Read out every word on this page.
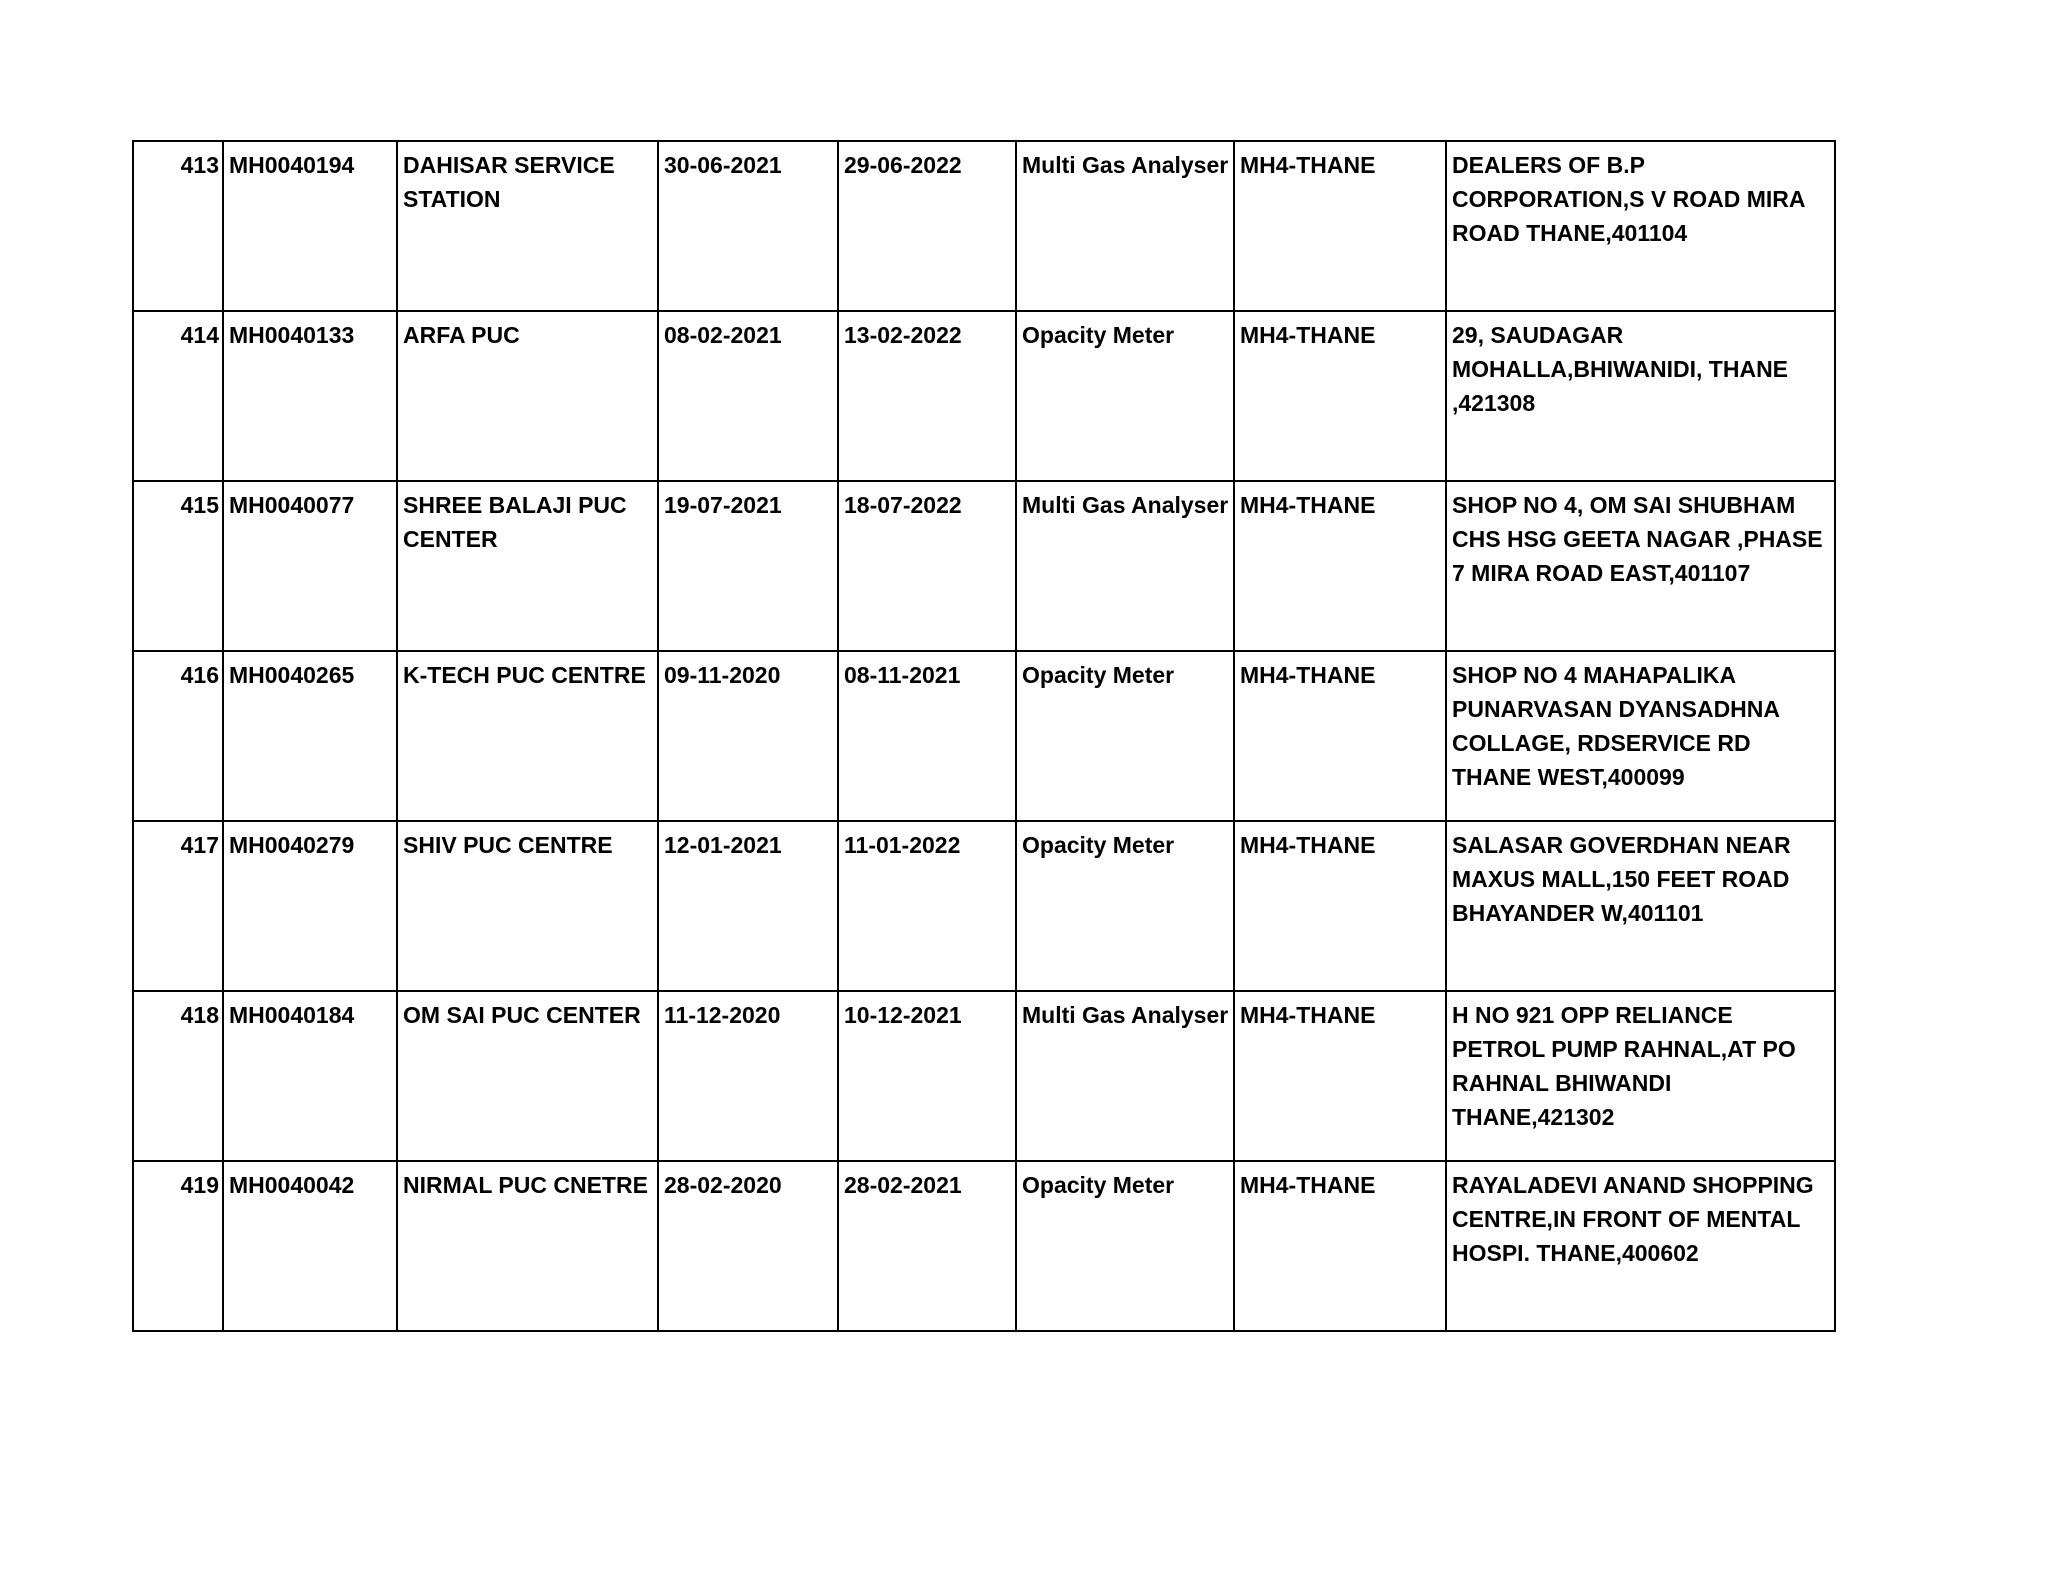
413	MH0040194	DAHISAR SERVICE STATION	30-06-2021	29-06-2022	Multi Gas Analyser	MH4-THANE	DEALERS OF B.P CORPORATION,S V ROAD MIRA ROAD THANE,401104
414	MH0040133	ARFA PUC	08-02-2021	13-02-2022	Opacity Meter	MH4-THANE	29, SAUDAGAR MOHALLA,BHIWANIDI, THANE ,421308
415	MH0040077	SHREE BALAJI PUC CENTER	19-07-2021	18-07-2022	Multi Gas Analyser	MH4-THANE	SHOP NO 4, OM SAI SHUBHAM CHS HSG GEETA NAGAR ,PHASE 7 MIRA ROAD EAST,401107
416	MH0040265	K-TECH PUC CENTRE	09-11-2020	08-11-2021	Opacity Meter	MH4-THANE	SHOP NO 4 MAHAPALIKA PUNARVASAN DYANSADHNA COLLAGE, RDSERVICE RD THANE WEST,400099
417	MH0040279	SHIV PUC CENTRE	12-01-2021	11-01-2022	Opacity Meter	MH4-THANE	SALASAR GOVERDHAN NEAR MAXUS MALL,150 FEET ROAD BHAYANDER W,401101
418	MH0040184	OM SAI PUC CENTER	11-12-2020	10-12-2021	Multi Gas Analyser	MH4-THANE	H NO 921 OPP RELIANCE PETROL PUMP RAHNAL,AT PO RAHNAL BHIWANDI THANE,421302
419	MH0040042	NIRMAL PUC CNETRE	28-02-2020	28-02-2021	Opacity Meter	MH4-THANE	RAYALADEVI ANAND SHOPPING CENTRE,IN FRONT OF MENTAL HOSPI. THANE,400602
